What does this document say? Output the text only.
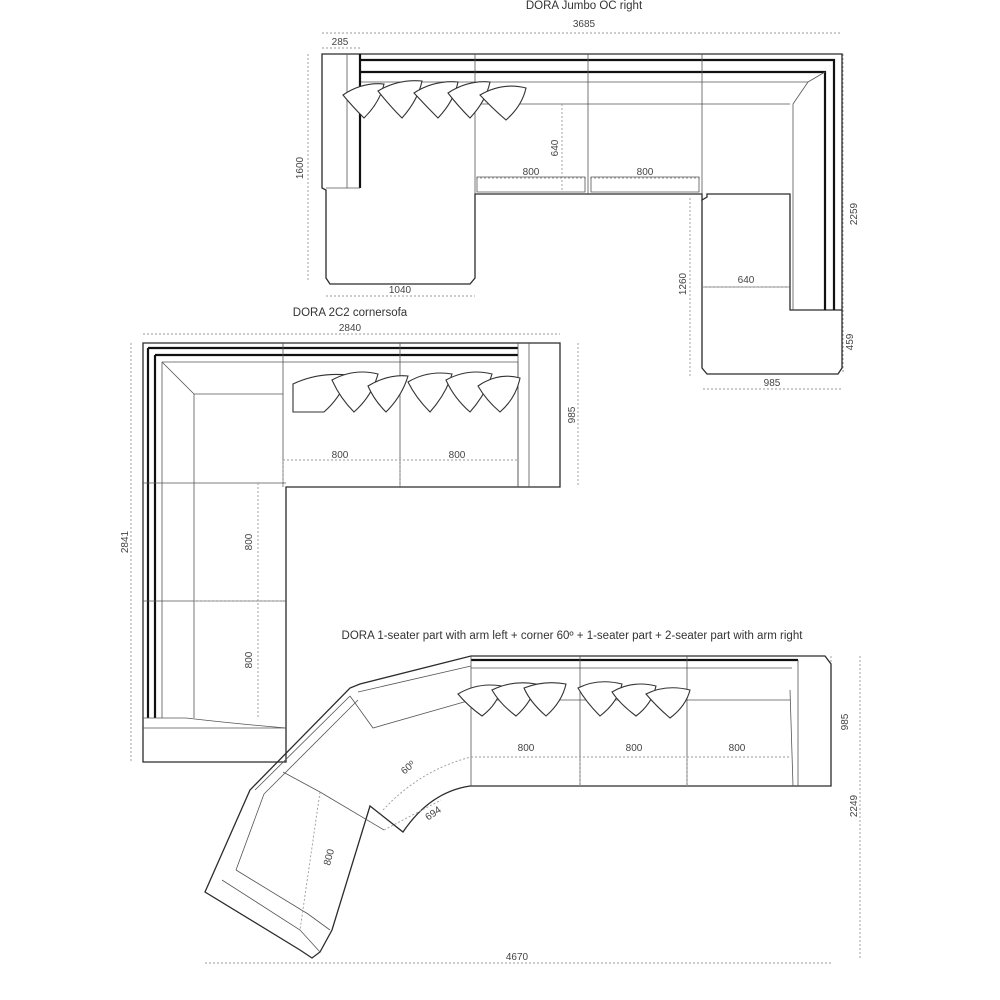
DORA Jumbo OC right
3685
285
1600
1040
2259
459
1260
985
800	800
640
640
DORA 2C2 cornersofa
2840
985
2841
800	800
800
800
DORA 1-seater part with arm left + corner 60º + 1-seater part + 2-seater part with arm right
985
2249
4670
800	800	800
60º
694
800
